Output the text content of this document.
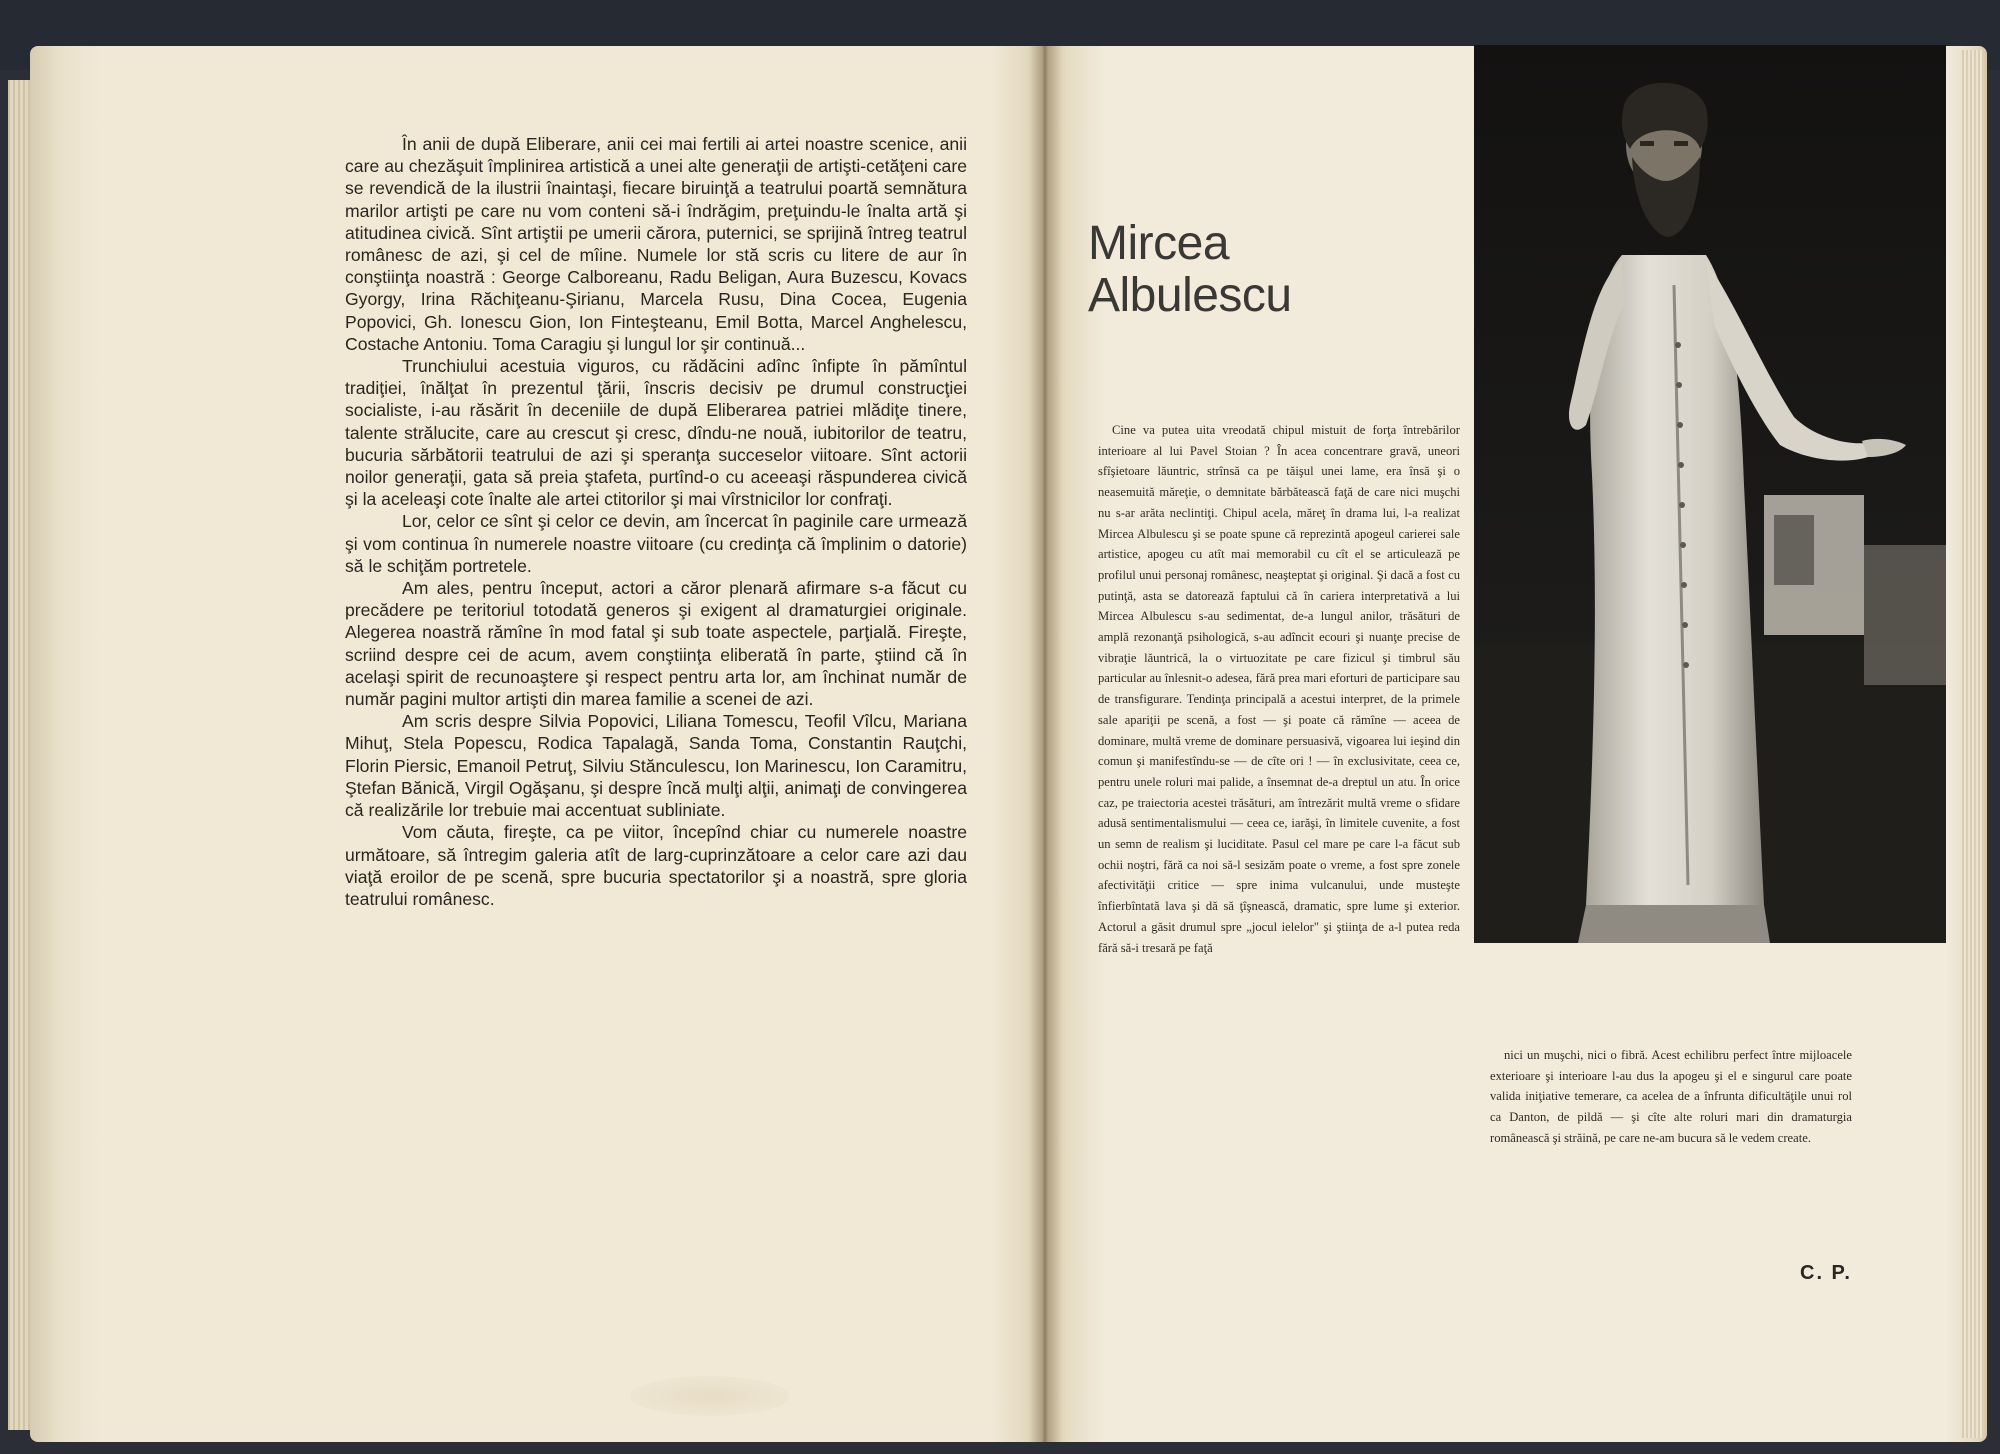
În anii de după Eliberare, anii cei mai fertili ai artei noastre scenice, anii care au chezăşuit împlinirea artistică a unei alte generaţii de artişti-cetăţeni care se revendică de la ilustrii înaintaşi, fiecare biruinţă a teatrului poartă semnătura marilor artişti pe care nu vom conteni să-i îndrăgim, preţuindu-le înalta artă şi atitudinea civică. Sînt artiştii pe umerii cărora, puternici, se sprijină întreg teatrul românesc de azi, şi cel de mîine. Numele lor stă scris cu litere de aur în conştiinţa noastră : George Calboreanu, Radu Beligan, Aura Buzescu, Kovacs Gyorgy, Irina Răchiţeanu-Şirianu, Marcela Rusu, Dina Cocea, Eugenia Popovici, Gh. Ionescu Gion, Ion Finteşteanu, Emil Botta, Marcel Anghelescu, Costache Antoniu. Toma Caragiu şi lungul lor şir continuă...

Trunchiului acestuia viguros, cu rădăcini adînc înfipte în pămîntul tradiţiei, înălţat în prezentul ţării, înscris decisiv pe drumul construcţiei socialiste, i-au răsărit în deceniile de după Eliberarea patriei mlădiţe tinere, talente strălucite, care au crescut şi cresc, dîndu-ne nouă, iubitorilor de teatru, bucuria sărbătorii teatrului de azi şi speranţa succeselor viitoare. Sînt actorii noilor generaţii, gata să preia ştafeta, purtînd-o cu aceeaşi răspunderea civică şi la aceleaşi cote înalte ale artei ctitorilor şi mai vîrstnicilor lor confraţi.

Lor, celor ce sînt şi celor ce devin, am încercat în paginile care urmează şi vom continua în numerele noastre viitoare (cu credinţa că împlinim o datorie) să le schiţăm portretele.

Am ales, pentru început, actori a căror plenară afirmare s-a făcut cu precădere pe teritoriul totodată generos şi exigent al dramaturgiei originale. Alegerea noastră rămîne în mod fatal şi sub toate aspectele, parţială. Fireşte, scriind despre cei de acum, avem conştiinţa eliberată în parte, ştiind că în acelaşi spirit de recunoaştere şi respect pentru arta lor, am închinat număr de număr pagini multor artişti din marea familie a scenei de azi.

Am scris despre Silvia Popovici, Liliana Tomescu, Teofil Vîlcu, Mariana Mihuţ, Stela Popescu, Rodica Tapalagă, Sanda Toma, Constantin Rauţchi, Florin Piersic, Emanoil Petruţ, Silviu Stănculescu, Ion Marinescu, Ion Caramitru, Ştefan Bănică, Virgil Ogăşanu, şi despre încă mulţi alţii, animaţi de convingerea că realizările lor trebuie mai accentuat subliniate.

Vom căuta, fireşte, ca pe viitor, începînd chiar cu numerele noastre următoare, să întregim galeria atît de larg-cuprinzătoare a celor care azi dau viaţă eroilor de pe scenă, spre bucuria spectatorilor şi a noastră, spre gloria teatrului românesc.

Mircea
Albulescu

Cine va putea uita vreodată chipul mistuit de forţa întrebărilor interioare al lui Pavel Stoian ? În acea concentrare gravă, uneori sfîşietoare lăuntric, strînsă ca pe tăişul unei lame, era însă şi o neasemuită măreţie, o demnitate bărbătească faţă de care nici muşchi nu s-ar arăta neclintiţi. Chipul acela, măreţ în drama lui, l-a realizat Mircea Albulescu şi se poate spune că reprezintă apogeul carierei sale artistice, apogeu cu atît mai memorabil cu cît el se articulează pe profilul unui personaj românesc, neaşteptat şi original. Şi dacă a fost cu putinţă, asta se datorează faptului că în cariera interpretativă a lui Mircea Albulescu s-au sedimentat, de-a lungul anilor, trăsături de amplă rezonanţă psihologică, s-au adîncit ecouri şi nuanţe precise de vibraţie lăuntrică, la o virtuozitate pe care fizicul şi timbrul său particular au înlesnit-o adesea, fără prea mari eforturi de participare sau de transfigurare. Tendinţa principală a acestui interpret, de la primele sale apariţii pe scenă, a fost — şi poate că rămîne — aceea de dominare, multă vreme de dominare persuasivă, vigoarea lui ieşind din comun şi manifestîndu-se — de cîte ori ! — în exclusivitate, ceea ce, pentru unele roluri mai palide, a însemnat de-a dreptul un atu. În orice caz, pe traiectoria acestei trăsături, am întrezărit multă vreme o sfidare adusă sentimentalismului — ceea ce, iarăşi, în limitele cuvenite, a fost un semn de realism şi luciditate. Pasul cel mare pe care l-a făcut sub ochii noştri, fără ca noi să-l sesizăm poate o vreme, a fost spre zonele afectivităţii critice — spre inima vulcanului, unde musteşte înfierbîntată lava şi dă să ţîşnească, dramatic, spre lume şi exterior. Actorul a găsit drumul spre „jocul ielelor" şi ştiinţa de a-l putea reda fără să-i tresară pe faţă

nici un muşchi, nici o fibră. Acest echilibru perfect între mijloacele exterioare şi interioare l-au dus la apogeu şi el e singurul care poate valida iniţiative temerare, ca acelea de a înfrunta dificultăţile unui rol ca Danton, de pildă — şi cîte alte roluri mari din dramaturgia românească şi străină, pe care ne-am bucura să le vedem create.

C. P.
